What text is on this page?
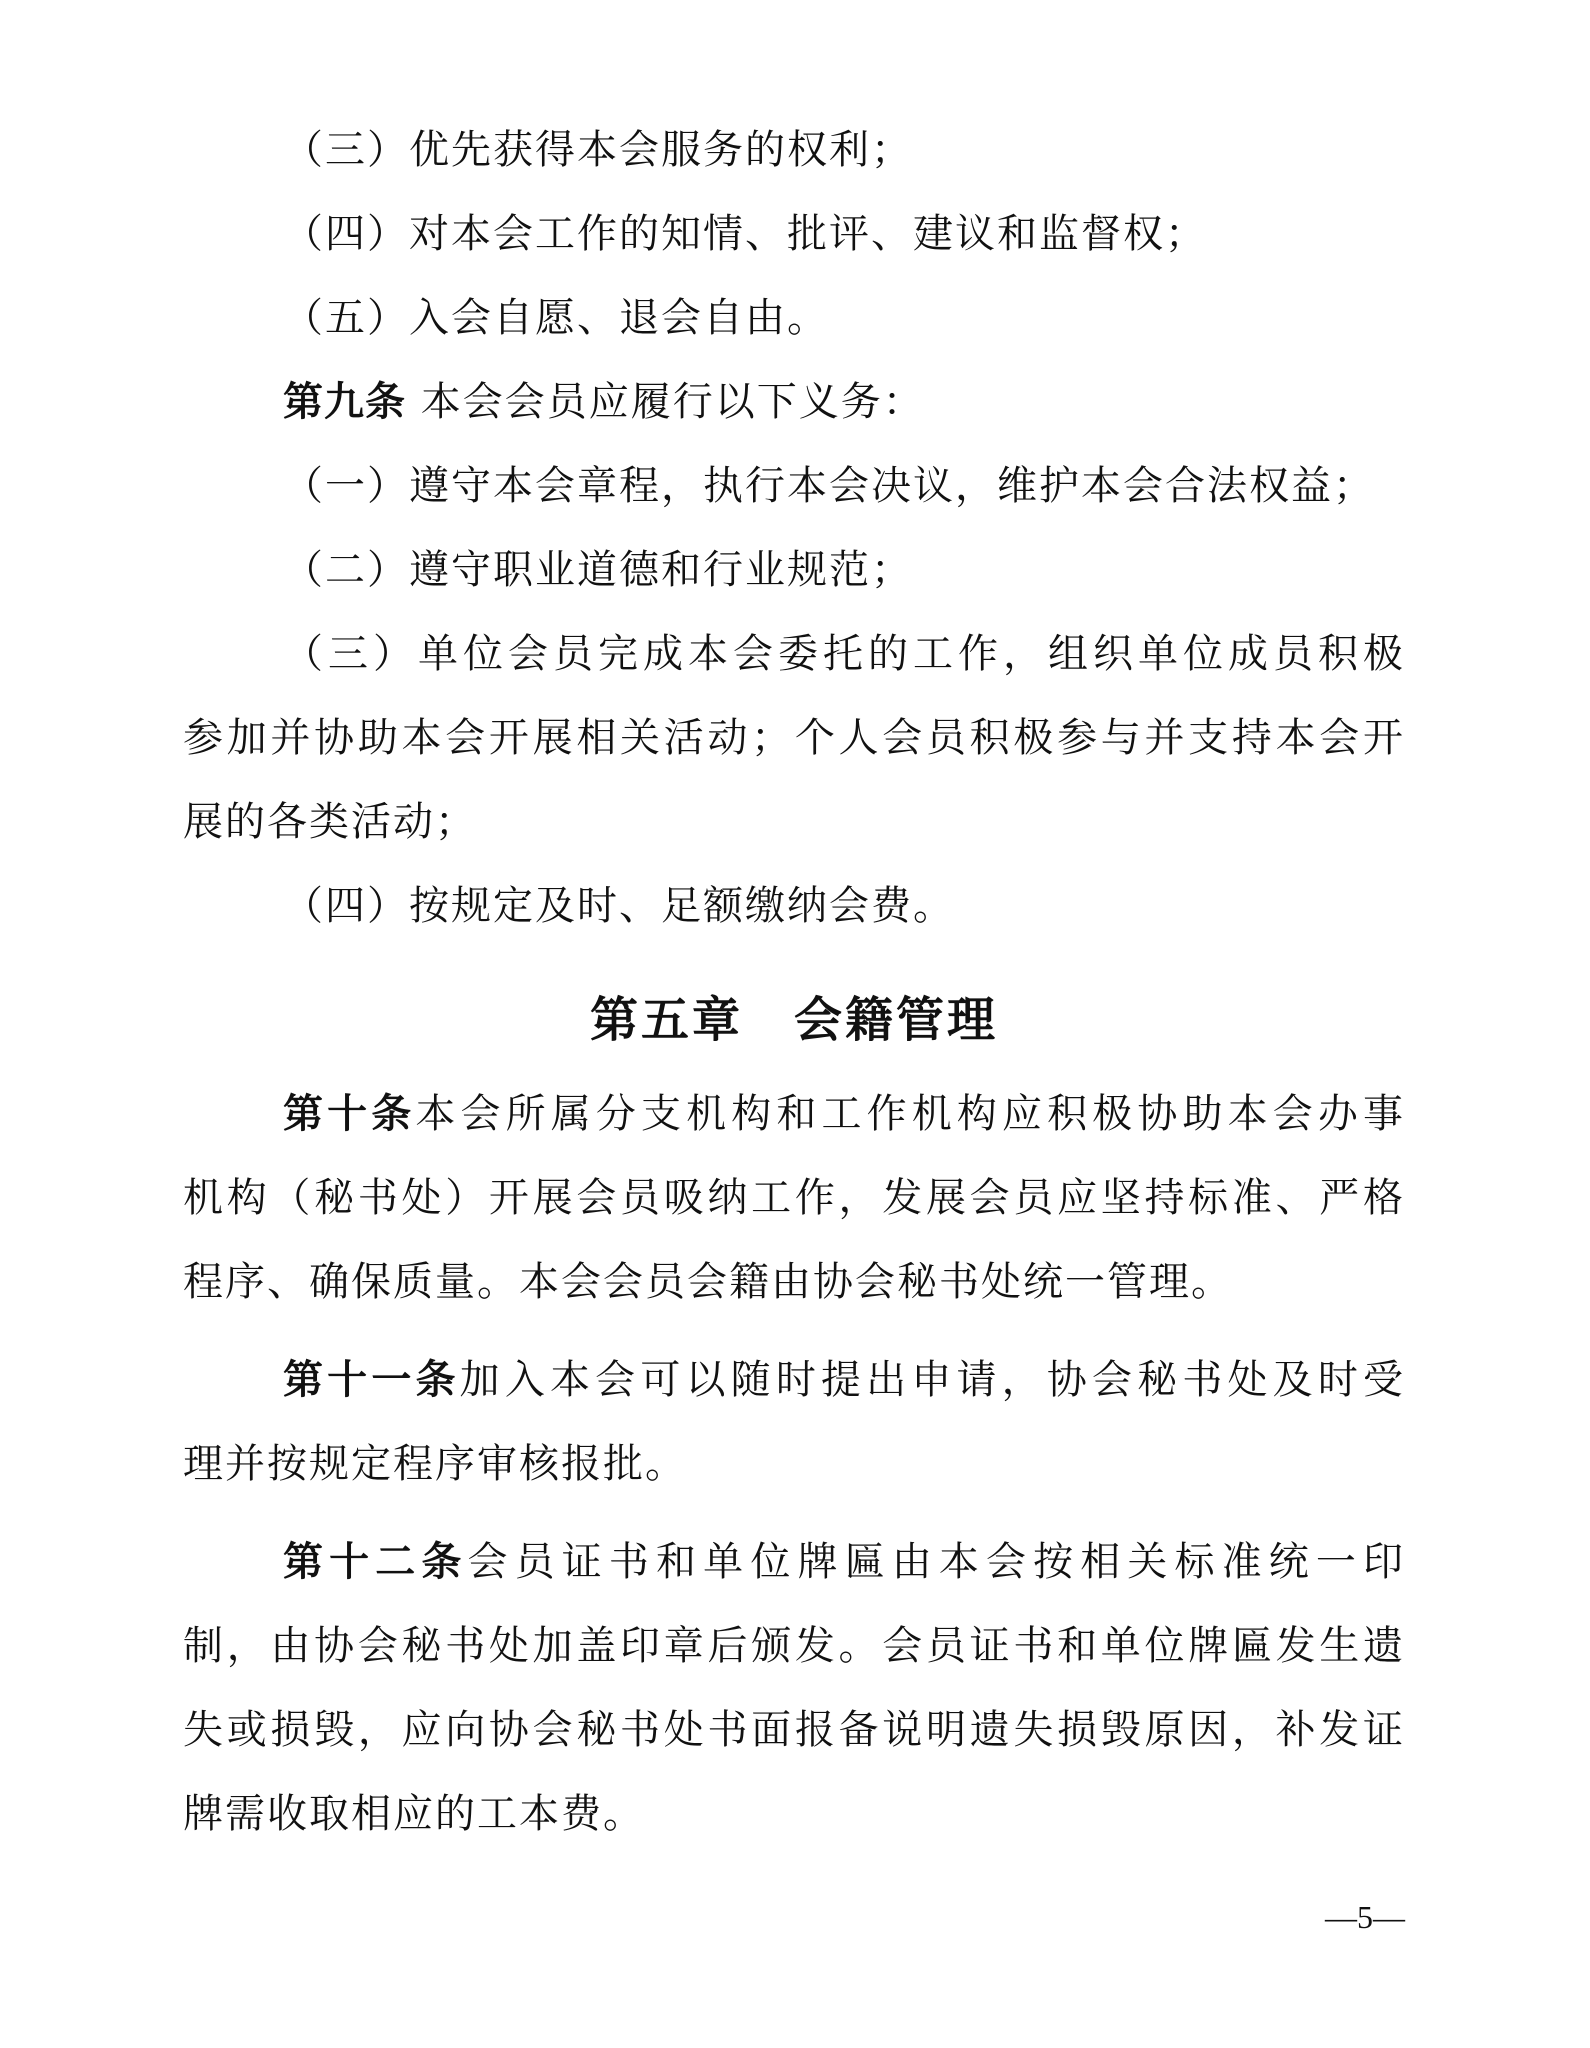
（三）优先获得本会服务的权利；
（四）对本会工作的知情、批评、建议和监督权；
（五）入会自愿、退会自由。
第九条 本会会员应履行以下义务：
（一）遵守本会章程，执行本会决议，维护本会合法权益；
（二）遵守职业道德和行业规范；
（三）单位会员完成本会委托的工作，组织单位成员积极
参加并协助本会开展相关活动；个人会员积极参与并支持本会开
展的各类活动；
（四）按规定及时、足额缴纳会费。
第五章　会籍管理
第十条本会所属分支机构和工作机构应积极协助本会办事
机构（秘书处）开展会员吸纳工作，发展会员应坚持标准、严格
程序、确保质量。本会会员会籍由协会秘书处统一管理。
第十一条加入本会可以随时提出申请，协会秘书处及时受
理并按规定程序审核报批。
第十二条会员证书和单位牌匾由本会按相关标准统一印
制，由协会秘书处加盖印章后颁发。会员证书和单位牌匾发生遗
失或损毁，应向协会秘书处书面报备说明遗失损毁原因，补发证
牌需收取相应的工本费。
—5—
